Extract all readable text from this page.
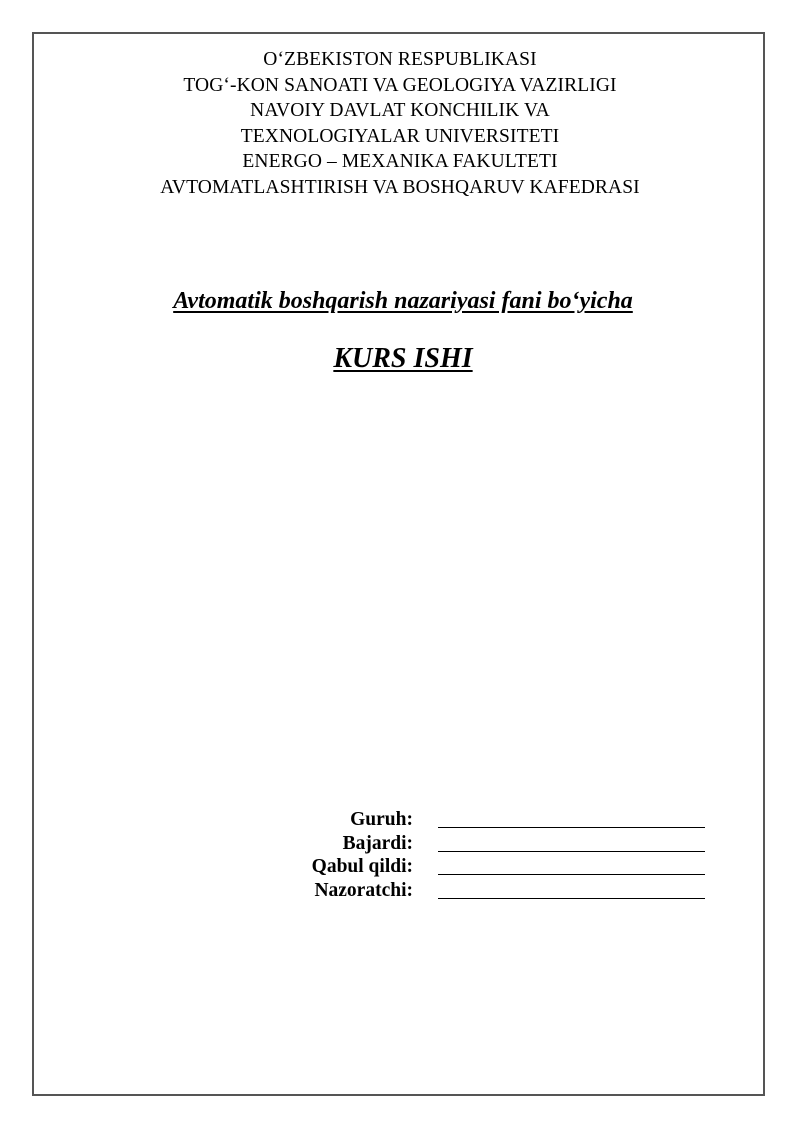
O‘ZBEKISTON RESPUBLIKASI
TOG‘-KON SANOATI VA GEOLOGIYA VAZIRLIGI
NAVOIY DAVLAT KONCHILIK VA
TEXNOLOGIYALAR UNIVERSITETI
ENERGO – MEXANIKA FAKULTETI
AVTOMATLASHTIRISH VA BOSHQARUV KAFEDRASI
Avtomatik boshqarish nazariyasi fani bo‘yicha
KURS ISHI
Guruh:
Bajardi:
Qabul qildi:
Nazoratchi:
